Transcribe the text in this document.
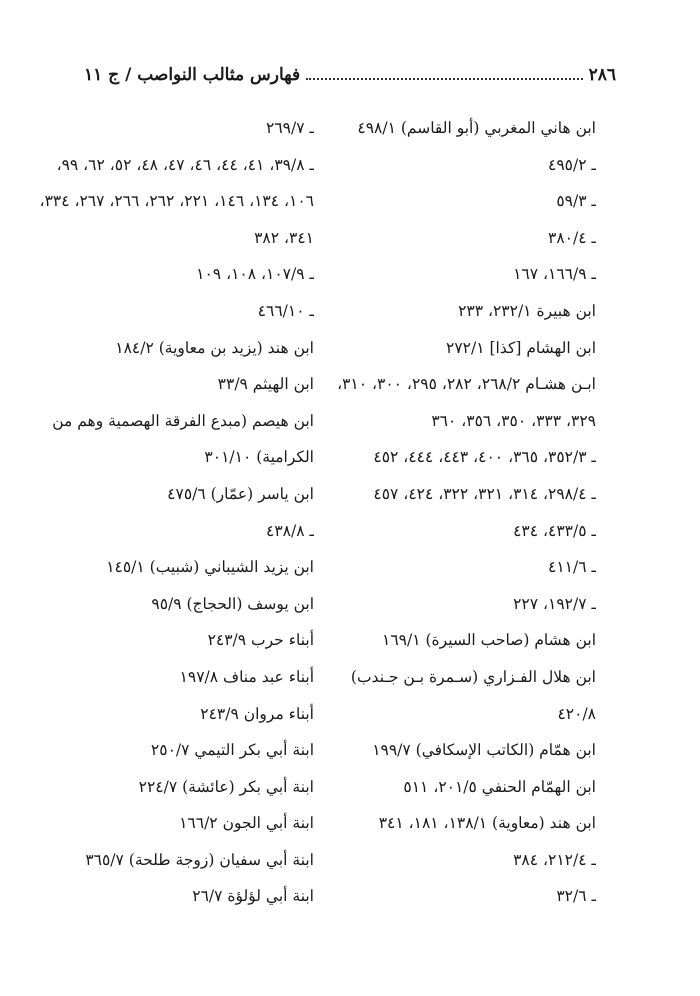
٢٨٦
فهارس مثالب النواصب / ج ١١
ابن هاني المغربي (أبو القاسم) ٤٩٨/١
ـ ٤٩٥/٢
ـ ٥٩/٣
ـ ٣٨٠/٤
ـ ١٦٦/٩، ١٦٧
ابن هبيرة ٢٣٢/١، ٢٣٣
ابن الهشام [كذا] ٢٧٢/١
ابـن هشـام ٢٦٨/٢، ٢٨٢، ٢٩٥، ٣٠٠، ٣١٠،
٣٢٩، ٣٣٣، ٣٥٠، ٣٥٦، ٣٦٠
ـ ٣٥٢/٣، ٣٦٥، ٤٠٠، ٤٤٣، ٤٤٤، ٤٥٢
ـ ٢٩٨/٤، ٣١٤، ٣٢١، ٣٢٢، ٤٢٤، ٤٥٧
ـ ٤٣٣/٥، ٤٣٤
ـ ٤١١/٦
ـ ١٩٢/٧، ٢٢٧
ابن هشام (صاحب السيرة) ١٦٩/١
ابن هلال الفـزاري (سـمرة بـن جـندب)
٤٢٠/٨
ابن همّام (الكاتب الإسكافي) ١٩٩/٧
ابن الهمّام الحنفي ٢٠١/٥، ٥١١
ابن هند (معاوية) ١٣٨/١، ١٨١، ٣٤١
ـ ٢١٢/٤، ٣٨٤
ـ ٣٢/٦
ـ ٢٦٩/٧
ـ ٣٩/٨، ٤١، ٤٤، ٤٦، ٤٧، ٤٨، ٥٢، ٦٢، ٩٩،
١٠٦، ١٣٤، ١٤٦، ٢٢١، ٢٦٢، ٢٦٦، ٢٦٧، ٣٣٤،
٣٤١، ٣٨٢
ـ ١٠٧/٩، ١٠٨، ١٠٩
ـ ٤٦٦/١٠
ابن هند (يزيد بن معاوية) ١٨٤/٢
ابن الهيثم ٣٣/٩
ابن هيصم (مبدع الفرقة الهصمية وهم من
الكرامية) ٣٠١/١٠
ابن ياسر (عمّار) ٤٧٥/٦
ـ ٤٣٨/٨
ابن يزيد الشيباني (شبيب) ١٤٥/١
ابن يوسف (الحجاج) ٩٥/٩
أبناء حرب ٢٤٣/٩
أبناء عبد مناف ١٩٧/٨
أبناء مروان ٢٤٣/٩
ابنة أبي بكر التيمي ٢٥٠/٧
ابنة أبي بكر (عائشة) ٢٢٤/٧
ابنة أبي الجون ١٦٦/٢
ابنة أبي سفيان (زوجة طلحة) ٣٦٥/٧
ابنة أبي لؤلؤة ٢٦/٧
